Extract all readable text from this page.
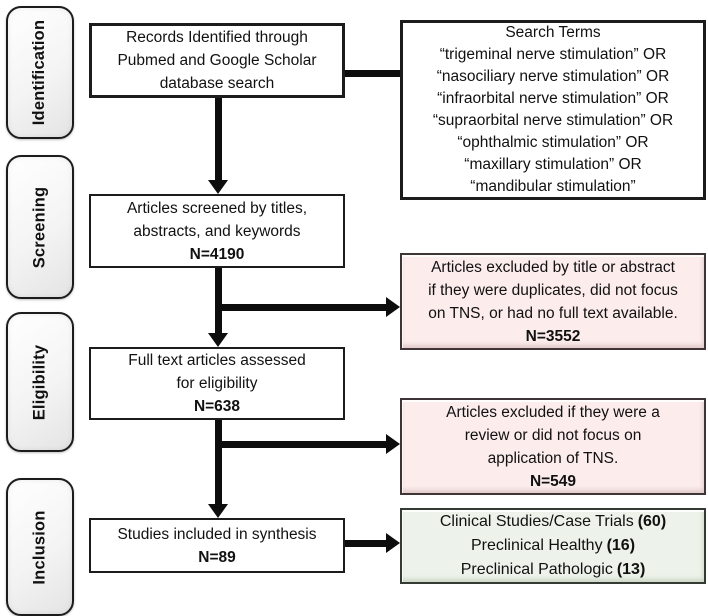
Identification
Screening
Eligibility
Inclusion
Records Identified through
Pubmed and Google Scholar
database search
Articles screened by titles,
abstracts, and keywords
N=4190
Full text articles assessed
for eligibility
N=638
Studies included in synthesis
N=89
Search Terms
“trigeminal nerve stimulation” OR
“nasociliary nerve stimulation” OR
“infraorbital nerve stimulation” OR
“supraorbital nerve stimulation” OR
“ophthalmic stimulation” OR
“maxillary stimulation” OR
“mandibular stimulation”
Articles excluded by title or abstract
if they were duplicates, did not focus
on TNS, or had no full text available.
N=3552
Articles excluded if they were a
review or did not focus on
application of TNS.
N=549
Clinical Studies/Case Trials (60)
Preclinical Healthy (16)
Preclinical Pathologic (13)
